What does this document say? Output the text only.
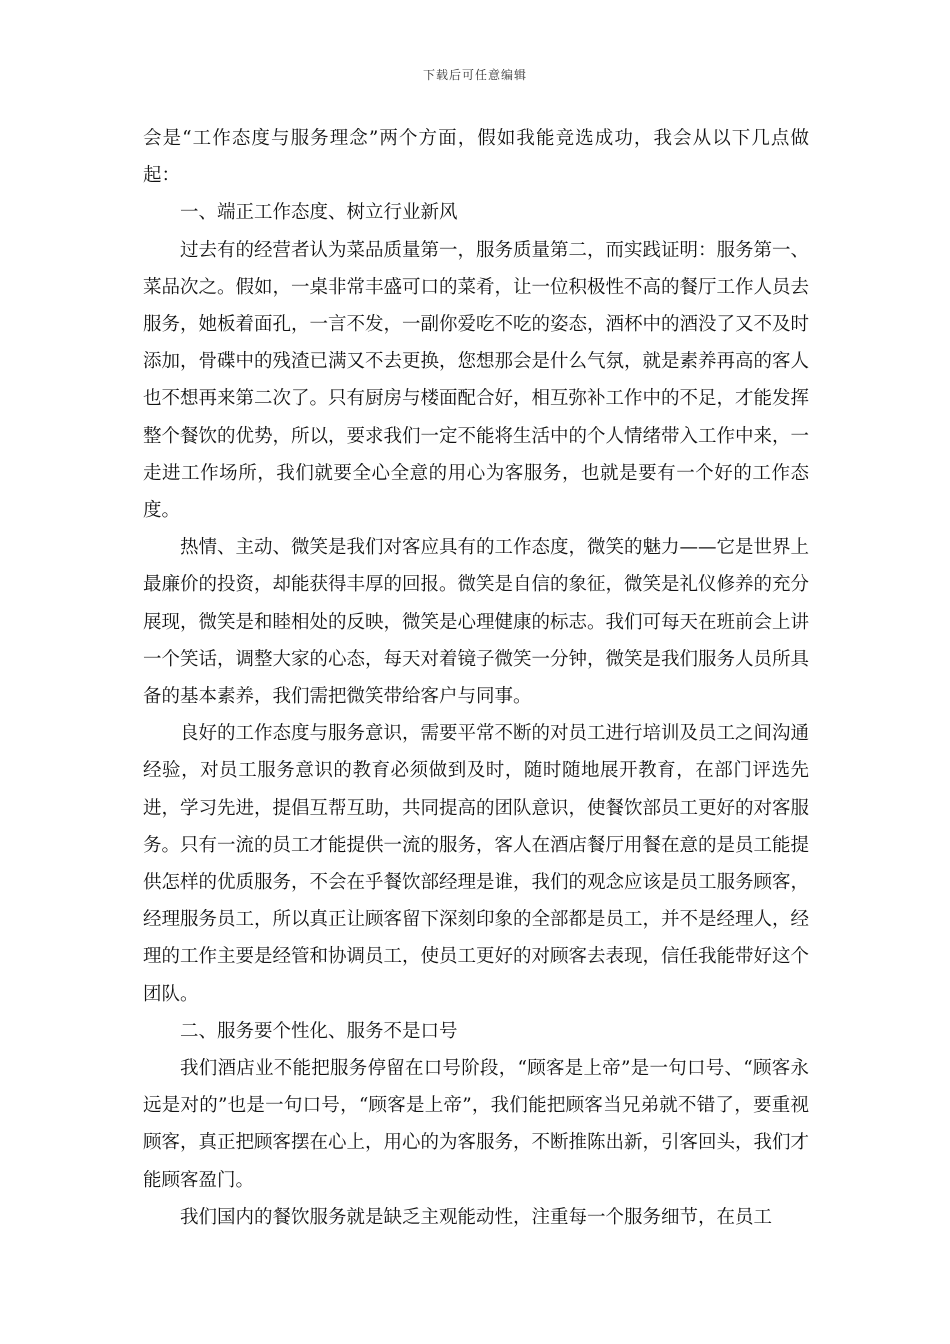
下载后可任意编辑

会是“工作态度与服务理念”两个方面，假如我能竞选成功，我会从以下几点做起：

一、端正工作态度、树立行业新风

过去有的经营者认为菜品质量第一，服务质量第二，而实践证明：服务第一、菜品次之。假如，一桌非常丰盛可口的菜肴，让一位积极性不高的餐厅工作人员去服务，她板着面孔，一言不发，一副你爱吃不吃的姿态，酒杯中的酒没了又不及时添加，骨碟中的残渣已满又不去更换，您想那会是什么气氛，就是素养再高的客人也不想再来第二次了。只有厨房与楼面配合好，相互弥补工作中的不足，才能发挥整个餐饮的优势，所以，要求我们一定不能将生活中的个人情绪带入工作中来，一走进工作场所，我们就要全心全意的用心为客服务，也就是要有一个好的工作态度。

热情、主动、微笑是我们对客应具有的工作态度，微笑的魅力——它是世界上最廉价的投资，却能获得丰厚的回报。微笑是自信的象征，微笑是礼仪修养的充分展现，微笑是和睦相处的反映，微笑是心理健康的标志。我们可每天在班前会上讲一个笑话，调整大家的心态，每天对着镜子微笑一分钟，微笑是我们服务人员所具备的基本素养，我们需把微笑带给客户与同事。

良好的工作态度与服务意识，需要平常不断的对员工进行培训及员工之间沟通经验，对员工服务意识的教育必须做到及时，随时随地展开教育，在部门评选先进，学习先进，提倡互帮互助，共同提高的团队意识，使餐饮部员工更好的对客服务。只有一流的员工才能提供一流的服务，客人在酒店餐厅用餐在意的是员工能提供怎样的优质服务，不会在乎餐饮部经理是谁，我们的观念应该是员工服务顾客，经理服务员工，所以真正让顾客留下深刻印象的全部都是员工，并不是经理人，经理的工作主要是经管和协调员工，使员工更好的对顾客去表现，信任我能带好这个团队。

二、服务要个性化、服务不是口号

我们酒店业不能把服务停留在口号阶段，“顾客是上帝”是一句口号、“顾客永远是对的”也是一句口号，“顾客是上帝”，我们能把顾客当兄弟就不错了，要重视顾客，真正把顾客摆在心上，用心的为客服务，不断推陈出新，引客回头，我们才能顾客盈门。

我们国内的餐饮服务就是缺乏主观能动性，注重每一个服务细节，在员工
